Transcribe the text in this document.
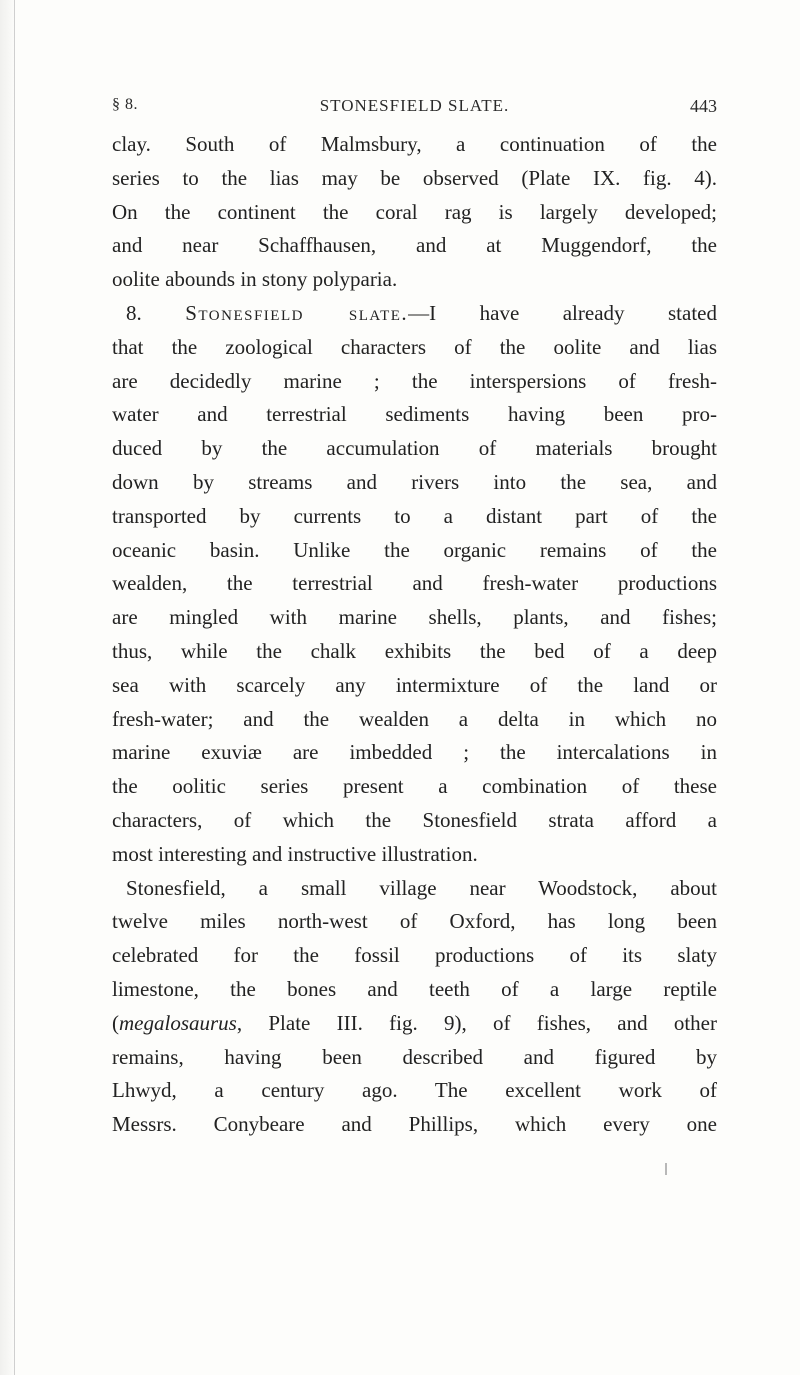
§ 8.	STONESFIELD SLATE.	443
clay. South of Malmsbury, a continuation of the
series to the lias may be observed (Plate IX. fig. 4).
On the continent the coral rag is largely developed;
and near Schaffhausen, and at Muggendorf, the
oolite abounds in stony polyparia.
8. Stonesfield slate.—I have already stated
that the zoological characters of the oolite and lias
are decidedly marine ; the interspersions of fresh-
water and terrestrial sediments having been pro-
duced by the accumulation of materials brought
down by streams and rivers into the sea, and
transported by currents to a distant part of the
oceanic basin. Unlike the organic remains of the
wealden, the terrestrial and fresh-water productions
are mingled with marine shells, plants, and fishes;
thus, while the chalk exhibits the bed of a deep
sea with scarcely any intermixture of the land or
fresh-water; and the wealden a delta in which no
marine exuviæ are imbedded ; the intercalations in
the oolitic series present a combination of these
characters, of which the Stonesfield strata afford a
most interesting and instructive illustration.
Stonesfield, a small village near Woodstock, about
twelve miles north-west of Oxford, has long been
celebrated for the fossil productions of its slaty
limestone, the bones and teeth of a large reptile
(megalosaurus, Plate III. fig. 9), of fishes, and other
remains, having been described and figured by
Lhwyd, a century ago. The excellent work of
Messrs. Conybeare and Phillips, which every one
